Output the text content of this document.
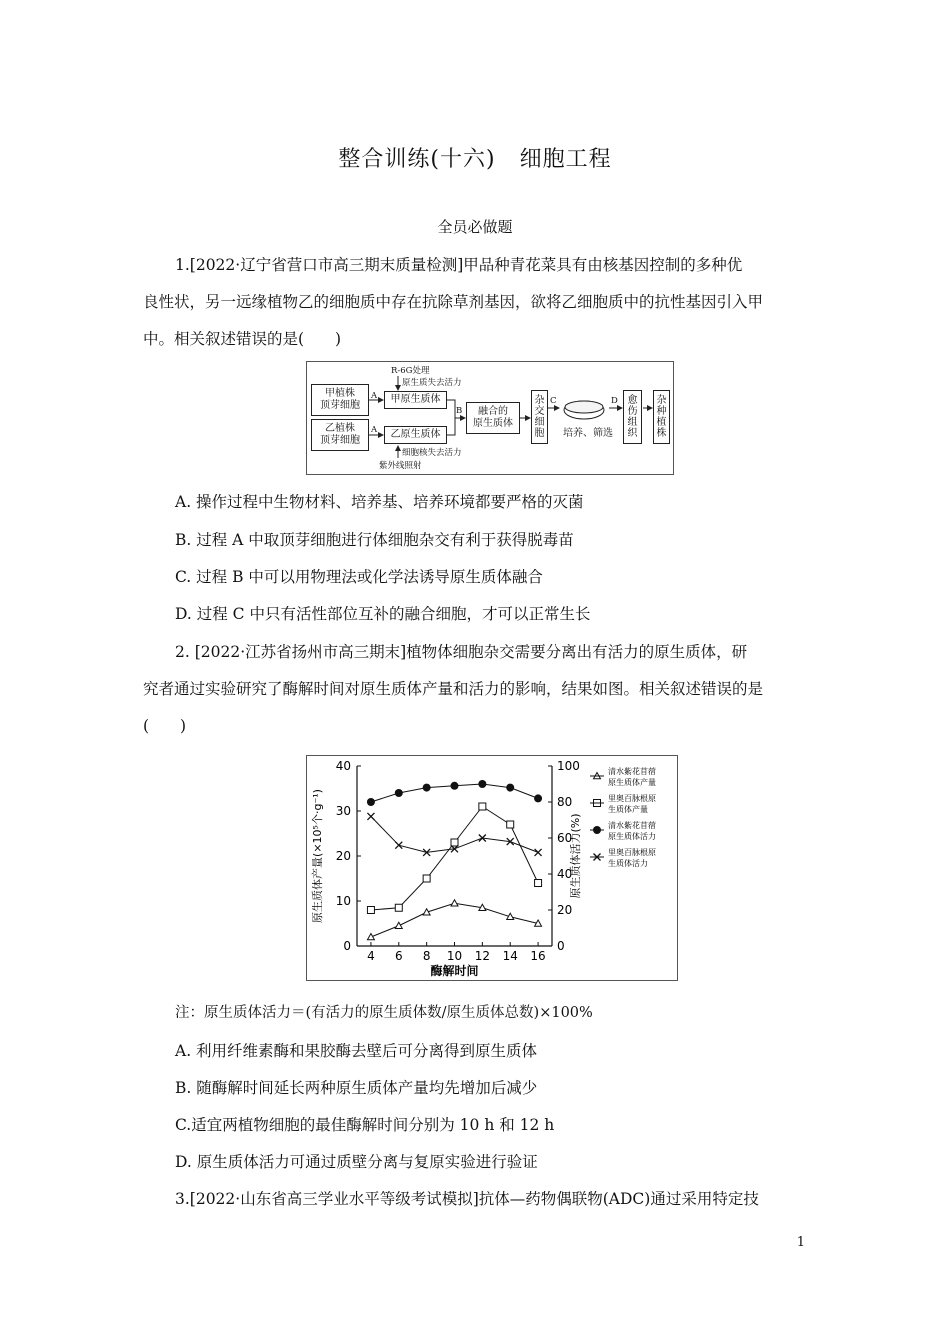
整合训练(十六) 细胞工程
全员必做题
1.[2022·辽宁省营口市高三期末质量检测]甲品种青花菜具有由核基因控制的多种优
良性状，另一远缘植物乙的细胞质中存在抗除草剂基因，欲将乙细胞质中的抗性基因引入甲
中。相关叙述错误的是(　　)
甲植株
顶芽细胞
乙植株
顶芽细胞
甲原生质体
乙原生质体
融合的
原生质体
杂
交
细
胞
愈
伤
组
织
杂
种
植
株
R-6G处理
原生质失去活力
细胞核失去活力
紫外线照射
培养、筛选
A
A
B
C	D
A. 操作过程中生物材料、培养基、培养环境都要严格的灭菌
B. 过程 A 中取顶芽细胞进行体细胞杂交有利于获得脱毒苗
C. 过程 B 中可以用物理法或化学法诱导原生质体融合
D. 过程 C 中只有活性部位互补的融合细胞，才可以正常生长
2. [2022·江苏省扬州市高三期末]植物体细胞杂交需要分离出有活力的原生质体，研
究者通过实验研究了酶解时间对原生质体产量和活力的影响，结果如图。相关叙述错误的是
(　　)
0
10
20
30
40
0
20
40
60
80
100
4 6 8 10 12 14 16
酶解时间
原生质体产量(×10⁵个·g⁻¹)	原生质体活力(%)
清水紫花苜蓿
原生质体产量
里奥百脉根原
生质体产量
清水紫花苜蓿
原生质体活力
里奥百脉根原
生质体活力
注：原生质体活力＝(有活力的原生质体数/原生质体总数)×100%
A. 利用纤维素酶和果胶酶去壁后可分离得到原生质体
B. 随酶解时间延长两种原生质体产量均先增加后减少
C.适宜两植物细胞的最佳酶解时间分别为 10 h 和 12 h
D. 原生质体活力可通过质壁分离与复原实验进行验证
3.[2022·山东省高三学业水平等级考试模拟]抗体—药物偶联物(ADC)通过采用特定技
1
